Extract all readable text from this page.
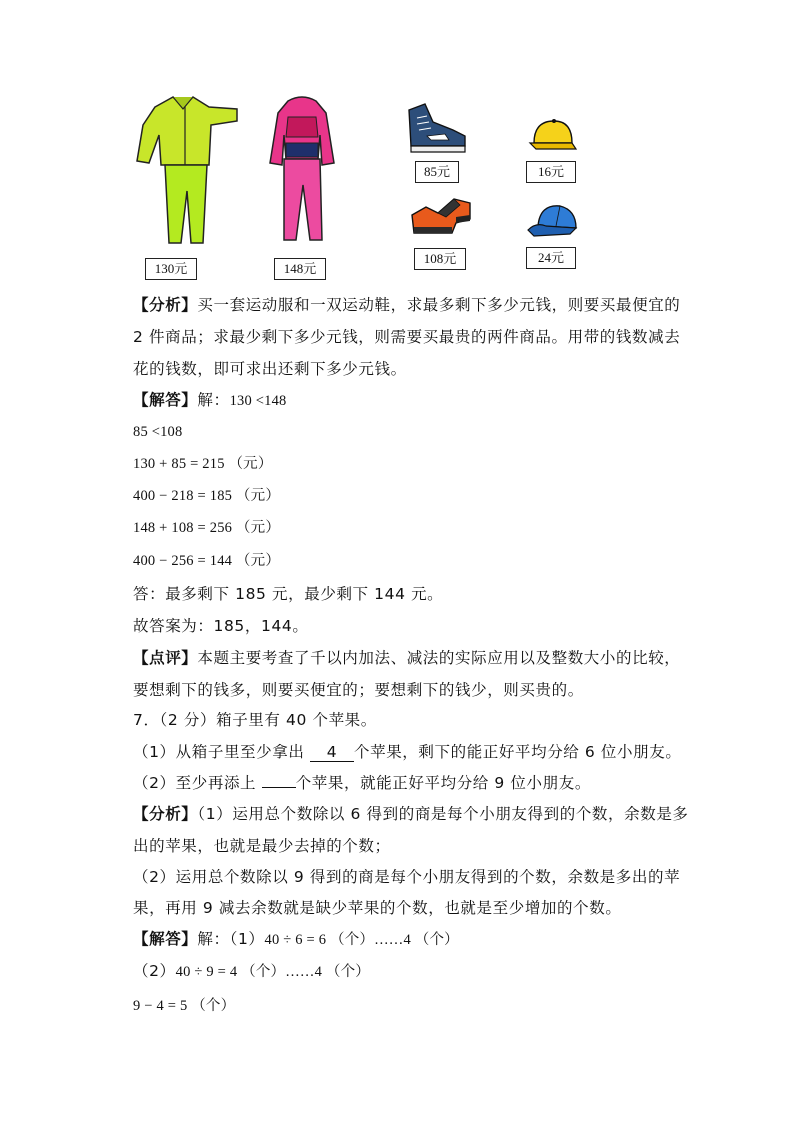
130元	148元
85元
108元
16元
24元
【分析】买一套运动服和一双运动鞋，求最多剩下多少元钱，则要买最便宜的
2 件商品；求最少剩下多少元钱，则需要买最贵的两件商品。用带的钱数减去
花的钱数，即可求出还剩下多少元钱。
【解答】解：130 <148
85 <108
130 + 85 = 215 （元）
400 − 218 = 185 （元）
148 + 108 = 256 （元）
400 − 256 = 144 （元）
答：最多剩下 185 元，最少剩下 144 元。
故答案为：185，144。
【点评】本题主要考查了千以内加法、减法的实际应用以及整数大小的比较，
要想剩下的钱多，则要买便宜的；要想剩下的钱少，则买贵的。
7．（2 分）箱子里有 40 个苹果。
（1）从箱子里至少拿出 4 个苹果，剩下的能正好平均分给 6 位小朋友。
（2）至少再添上 个苹果，就能正好平均分给 9 位小朋友。
【分析】（1）运用总个数除以 6 得到的商是每个小朋友得到的个数，余数是多
出的苹果，也就是最少去掉的个数；
（2）运用总个数除以 9 得到的商是每个小朋友得到的个数，余数是多出的苹
果，再用 9 减去余数就是缺少苹果的个数，也就是至少增加的个数。
【解答】解：（1）40 ÷ 6 = 6 （个）……4 （个）
（2）40 ÷ 9 = 4 （个）……4 （个）
9 − 4 = 5 （个）
